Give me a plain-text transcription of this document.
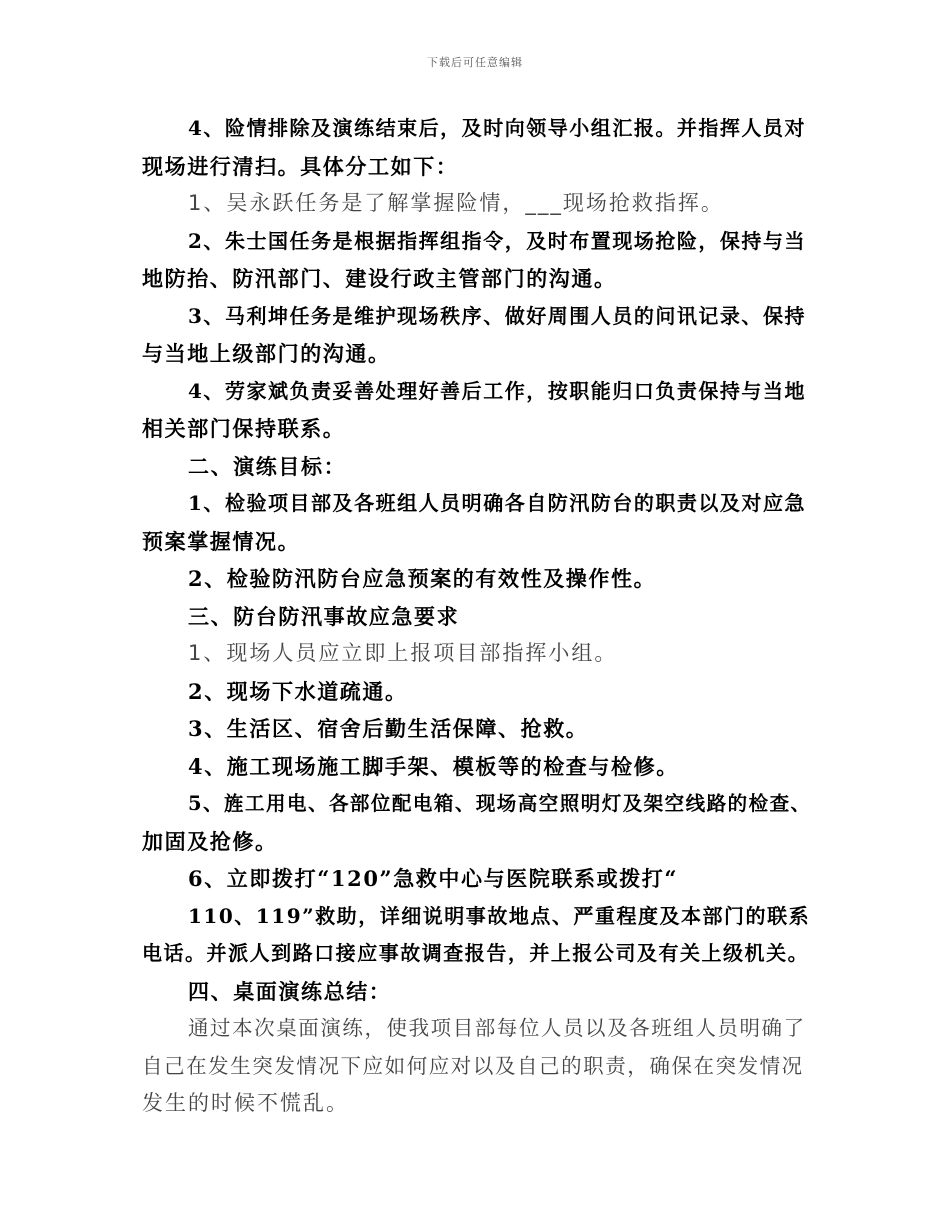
下载后可任意编辑
4、险情排除及演练结束后，及时向领导小组汇报。并指挥人员对
现场进行清扫。具体分工如下：
1、吴永跃任务是了解掌握险情，___现场抢救指挥。
2、朱士国任务是根据指挥组指令，及时布置现场抢险，保持与当
地防抬、防汛部门、建设行政主管部门的沟通。
3、马利坤任务是维护现场秩序、做好周围人员的问讯记录、保持
与当地上级部门的沟通。
4、劳家斌负责妥善处理好善后工作，按职能归口负责保持与当地
相关部门保持联系。
二、演练目标：
1、检验项目部及各班组人员明确各自防汛防台的职责以及对应急
预案掌握情况。
2、检验防汛防台应急预案的有效性及操作性。
三、防台防汛事故应急要求
1、现场人员应立即上报项目部指挥小组。
2、现场下水道疏通。
3、生活区、宿舍后勤生活保障、抢救。
4、施工现场施工脚手架、模板等的检查与检修。
5、旌工用电、各部位配电箱、现场高空照明灯及架空线路的检查、
加固及抢修。
6、立即拨打“120”急救中心与医院联系或拨打“
110、119”救助，详细说明事故地点、严重程度及本部门的联系
电话。并派人到路口接应事故调查报告，并上报公司及有关上级机关。
四、桌面演练总结：
通过本次桌面演练，使我项目部每位人员以及各班组人员明确了
自己在发生突发情况下应如何应对以及自己的职责，确保在突发情况
发生的时候不慌乱。
